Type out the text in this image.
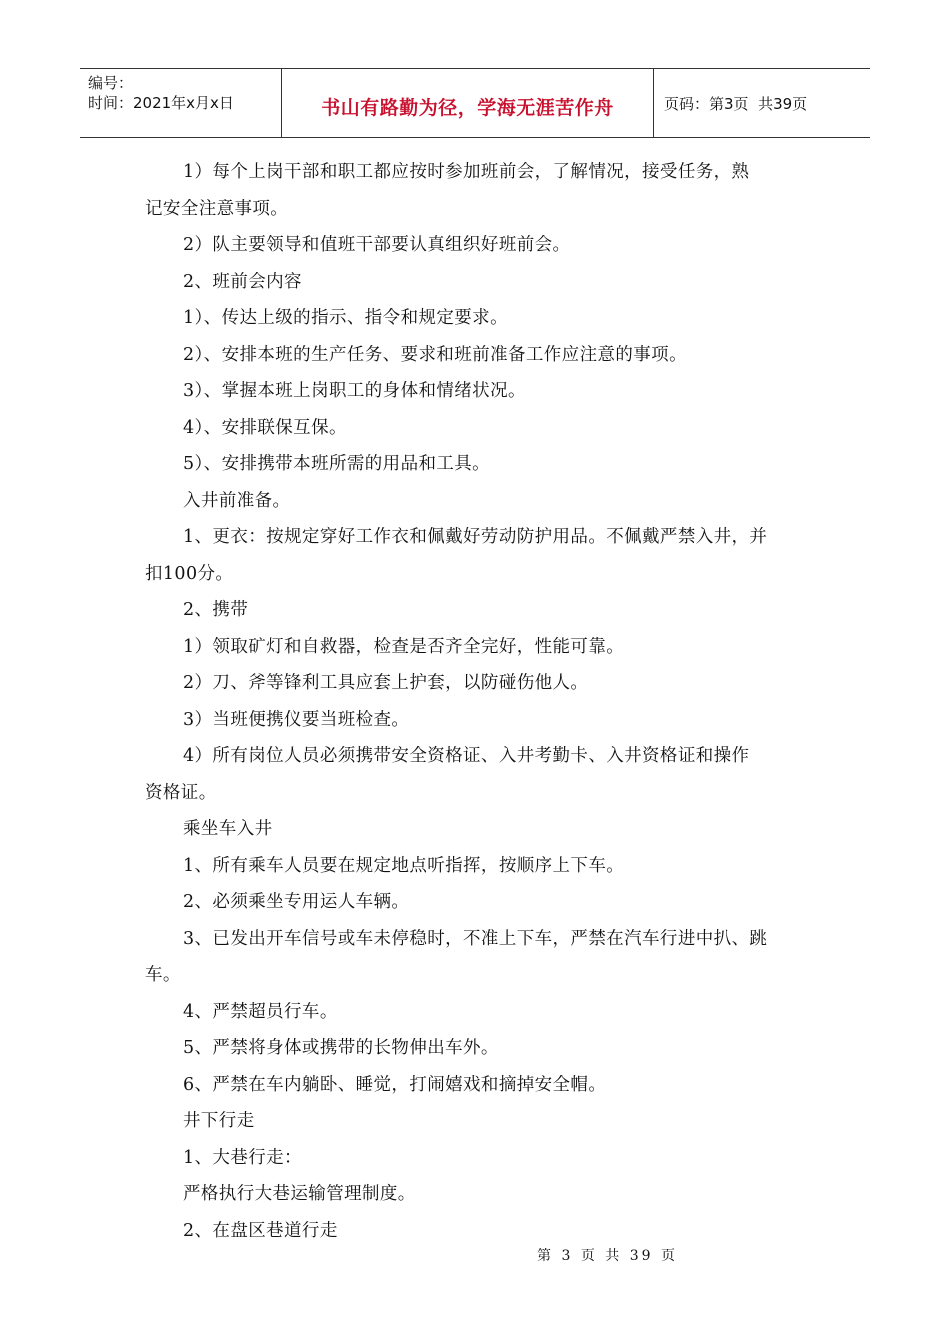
编号：
时间：2021年x月x日	书山有路勤为径，学海无涯苦作舟	页码：第3页  共39页
1）每个上岗干部和职工都应按时参加班前会，了解情况，接受任务，熟
记安全注意事项。
2）队主要领导和值班干部要认真组织好班前会。
2、班前会内容
1）、传达上级的指示、指令和规定要求。
2）、安排本班的生产任务、要求和班前准备工作应注意的事项。
3）、掌握本班上岗职工的身体和情绪状况。
4）、安排联保互保。
5）、安排携带本班所需的用品和工具。
入井前准备。
1、更衣：按规定穿好工作衣和佩戴好劳动防护用品。不佩戴严禁入井，并
扣100分。
2、携带
1）领取矿灯和自救器，检查是否齐全完好，性能可靠。
2）刀、斧等锋利工具应套上护套，以防碰伤他人。
3）当班便携仪要当班检查。
4）所有岗位人员必须携带安全资格证、入井考勤卡、入井资格证和操作
资格证。
乘坐车入井
1、所有乘车人员要在规定地点听指挥，按顺序上下车。
2、必须乘坐专用运人车辆。
3、已发出开车信号或车未停稳时，不准上下车，严禁在汽车行进中扒、跳
车。
4、严禁超员行车。
5、严禁将身体或携带的长物伸出车外。
6、严禁在车内躺卧、睡觉，打闹嬉戏和摘掉安全帽。
井下行走
1、大巷行走：
严格执行大巷运输管理制度。
2、在盘区巷道行走
第 3 页 共 39 页
